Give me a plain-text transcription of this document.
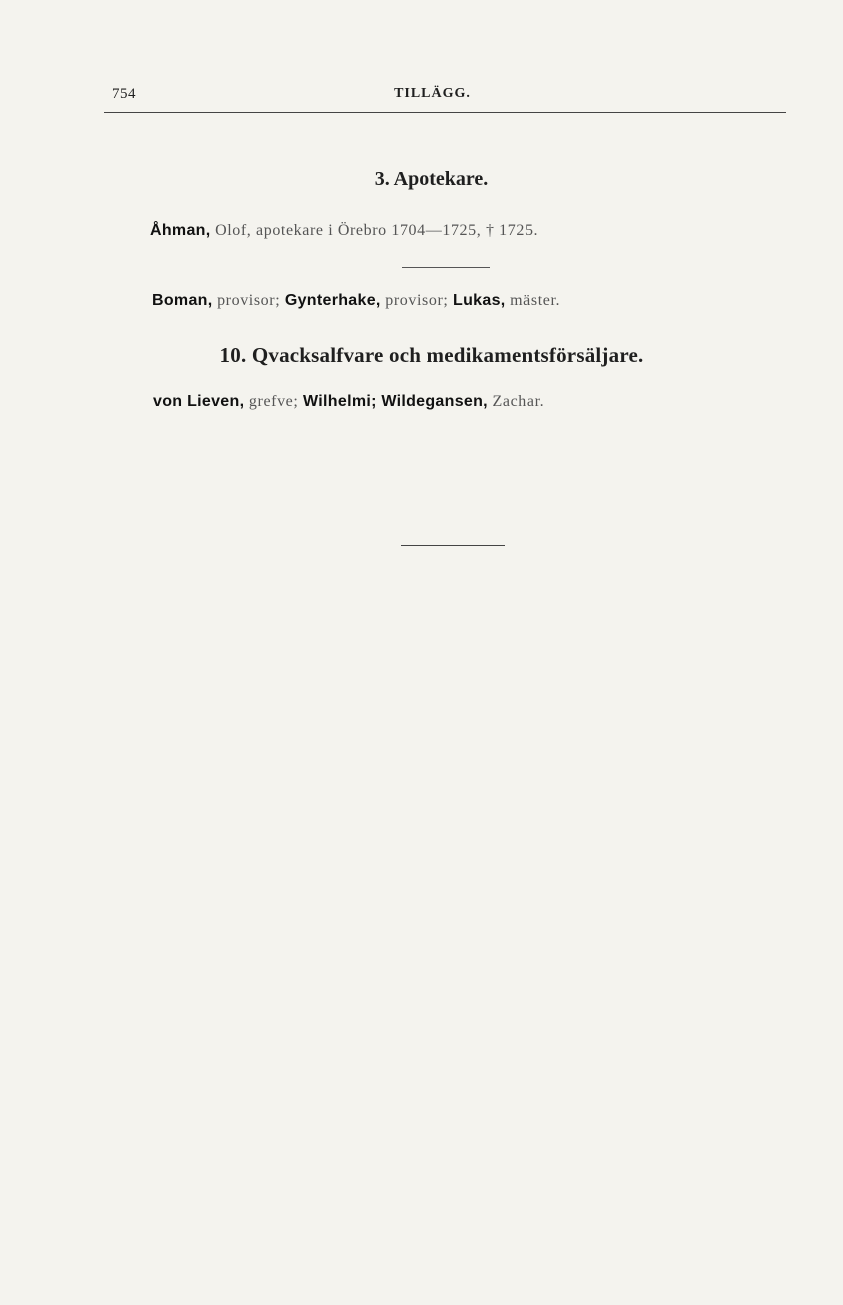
754	TILLÄGG.
3. Apotekare.
Åhman, Olof, apotekare i Örebro 1704—1725, † 1725.
Boman, provisor; Gynterhake, provisor; Lukas, mäster.
10. Qvacksalfvare och medikamentsförsäljare.
von Lieven, grefve; Wilhelmi; Wildegansen, Zachar.
